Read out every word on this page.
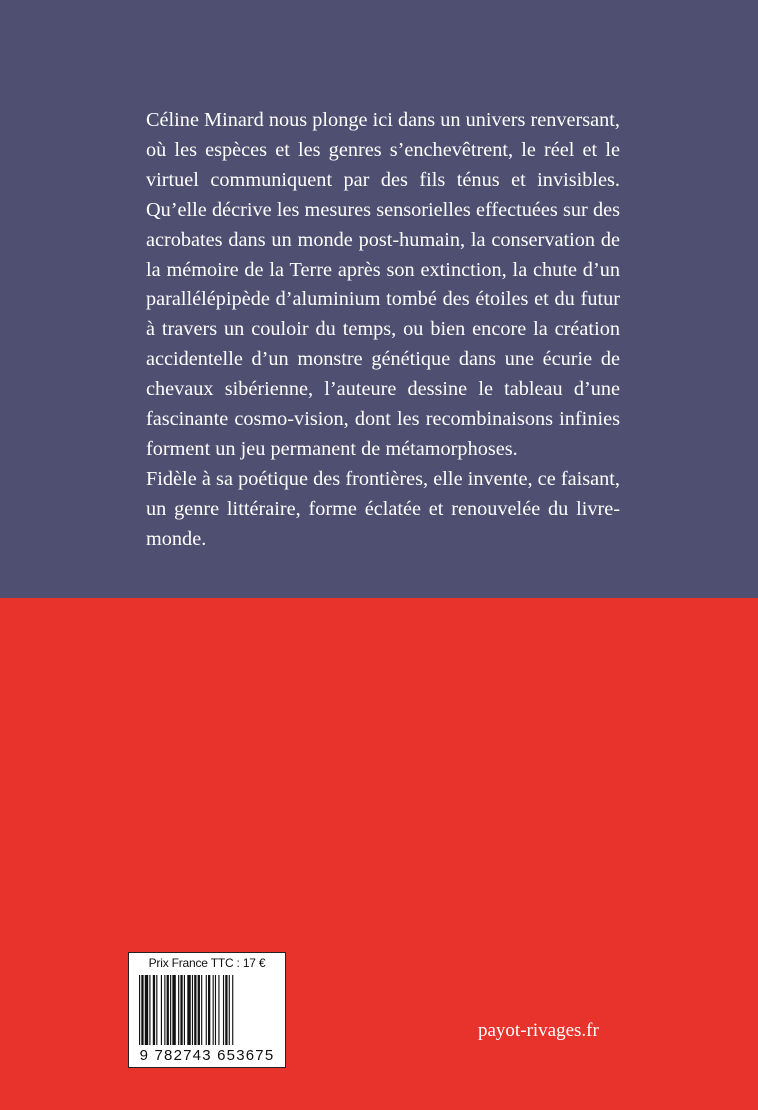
Céline Minard nous plonge ici dans un univers renversant, où les espèces et les genres s’enchevêtrent, le réel et le virtuel communiquent par des fils ténus et invisibles. Qu’elle décrive les mesures sensorielles effectuées sur des acrobates dans un monde post-humain, la conservation de la mémoire de la Terre après son extinction, la chute d’un parallélépipède d’aluminium tombé des étoiles et du futur à travers un couloir du temps, ou bien encore la création accidentelle d’un monstre génétique dans une écurie de chevaux sibérienne, l’auteure dessine le tableau d’une fascinante cosmo-vision, dont les recombinaisons infinies forment un jeu permanent de métamorphoses.

Fidèle à sa poétique des frontières, elle invente, ce faisant, un genre littéraire, forme éclatée et renouvelée du livre-monde.

Prix France TTC : 17 €
9 782743 653675
payot-rivages.fr
